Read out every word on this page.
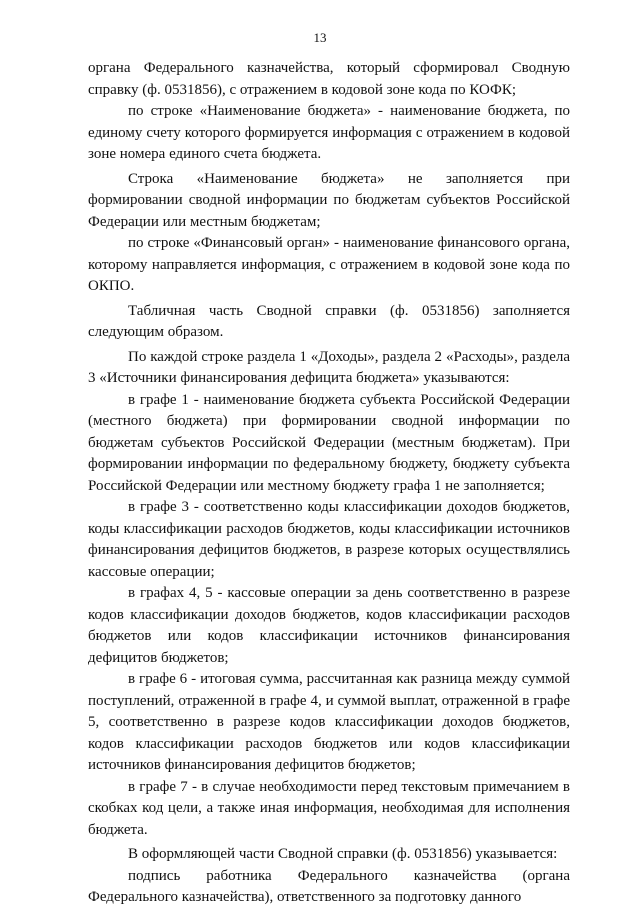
13

органа Федерального казначейства, который сформировал Сводную справку (ф. 0531856), с отражением в кодовой зоне кода по КОФК;

по строке «Наименование бюджета» - наименование бюджета, по единому счету которого формируется информация с отражением в кодовой зоне номера единого счета бюджета.

Строка «Наименование бюджета» не заполняется при формировании сводной информации по бюджетам субъектов Российской Федерации или местным бюджетам;

по строке «Финансовый орган» - наименование финансового органа, которому направляется информация, с отражением в кодовой зоне кода по ОКПО.

Табличная часть Сводной справки (ф. 0531856) заполняется следующим образом.

По каждой строке раздела 1 «Доходы», раздела 2 «Расходы», раздела 3 «Источники финансирования дефицита бюджета» указываются:

в графе 1 - наименование бюджета субъекта Российской Федерации (местного бюджета) при формировании сводной информации по бюджетам субъектов Российской Федерации (местным бюджетам). При формировании информации по федеральному бюджету, бюджету субъекта Российской Федерации или местному бюджету графа 1 не заполняется;

в графе 3 - соответственно коды классификации доходов бюджетов, коды классификации расходов бюджетов, коды классификации источников финансирования дефицитов бюджетов, в разрезе которых осуществлялись кассовые операции;

в графах 4, 5 - кассовые операции за день соответственно в разрезе кодов классификации доходов бюджетов, кодов классификации расходов бюджетов или кодов классификации источников финансирования дефицитов бюджетов;

в графе 6 - итоговая сумма, рассчитанная как разница между суммой поступлений, отраженной в графе 4, и суммой выплат, отраженной в графе 5, соответственно в разрезе кодов классификации доходов бюджетов, кодов классификации расходов бюджетов или кодов классификации источников финансирования дефицитов бюджетов;

в графе 7 - в случае необходимости перед текстовым примечанием в скобках код цели, а также иная информация, необходимая для исполнения бюджета.

В оформляющей части Сводной справки (ф. 0531856) указывается:

подпись работника Федерального казначейства (органа Федерального казначейства), ответственного за подготовку данного
